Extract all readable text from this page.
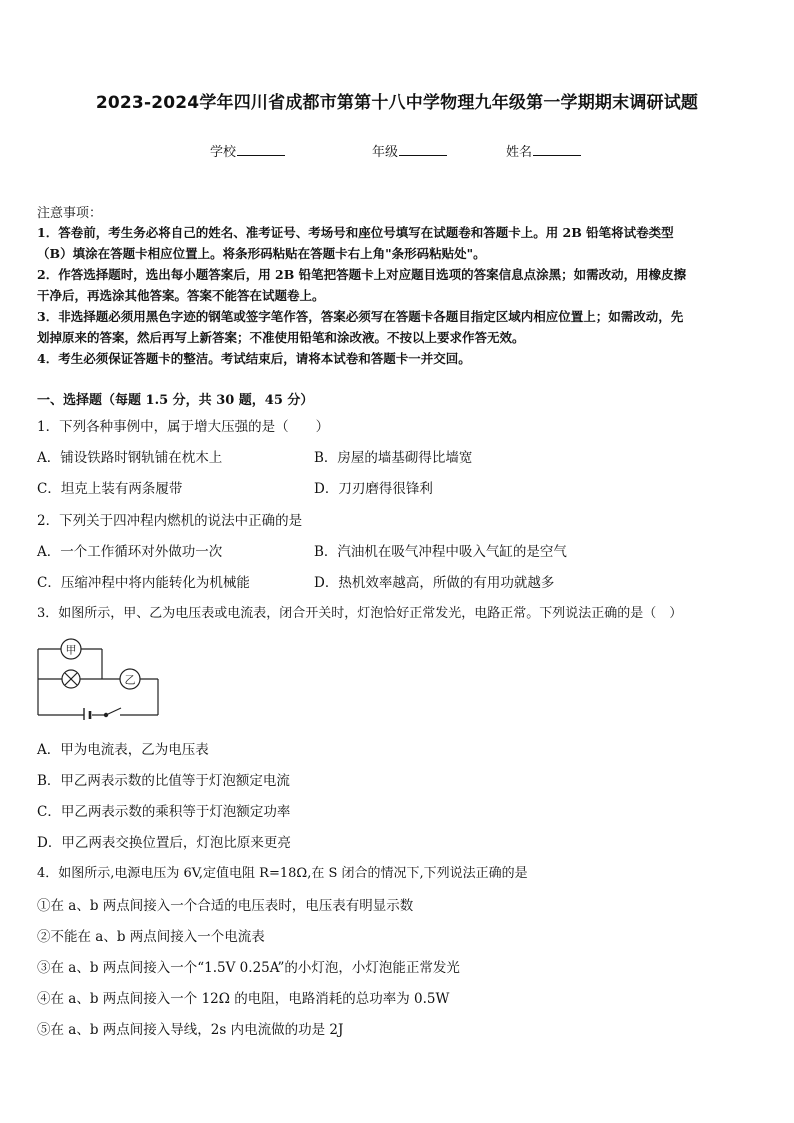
2023-2024学年四川省成都市第第十八中学物理九年级第一学期期末调研试题
学校	年级	姓名
注意事项：
1．答卷前，考生务必将自己的姓名、准考证号、考场号和座位号填写在试题卷和答题卡上。用 2B 铅笔将试卷类型
（B）填涂在答题卡相应位置上。将条形码粘贴在答题卡右上角"条形码粘贴处"。
2．作答选择题时，选出每小题答案后，用 2B 铅笔把答题卡上对应题目选项的答案信息点涂黑；如需改动，用橡皮擦
干净后，再选涂其他答案。答案不能答在试题卷上。
3．非选择题必须用黑色字迹的钢笔或签字笔作答，答案必须写在答题卡各题目指定区域内相应位置上；如需改动，先
划掉原来的答案，然后再写上新答案；不准使用铅笔和涂改液。不按以上要求作答无效。
4．考生必须保证答题卡的整洁。考试结束后，请将本试卷和答题卡一并交回。
一、选择题（每题 1.5 分，共 30 题，45 分）
1．下列各种事例中，属于增大压强的是（　　）
A．铺设铁路时钢轨铺在枕木上	B．房屋的墙基砌得比墙宽
C．坦克上装有两条履带	D．刀刃磨得很锋利
2．下列关于四冲程内燃机的说法中正确的是
A．一个工作循环对外做功一次	B．汽油机在吸气冲程中吸入气缸的是空气
C．压缩冲程中将内能转化为机械能	D．热机效率越高，所做的有用功就越多
3．如图所示，甲、乙为电压表或电流表，闭合开关时，灯泡恰好正常发光，电路正常。下列说法正确的是（　）
甲
乙
A．甲为电流表，乙为电压表
B．甲乙两表示数的比值等于灯泡额定电流
C．甲乙两表示数的乘积等于灯泡额定功率
D．甲乙两表交换位置后，灯泡比原来更亮
4．如图所示,电源电压为 6V,定值电阻 R=18Ω,在 S 闭合的情况下,下列说法正确的是
①在 a、b 两点间接入一个合适的电压表时，电压表有明显示数
②不能在 a、b 两点间接入一个电流表
③在 a、b 两点间接入一个“1.5V 0.25A”的小灯泡，小灯泡能正常发光
④在 a、b 两点间接入一个 12Ω 的电阻，电路消耗的总功率为 0.5W
⑤在 a、b 两点间接入导线，2s 内电流做的功是 2J
